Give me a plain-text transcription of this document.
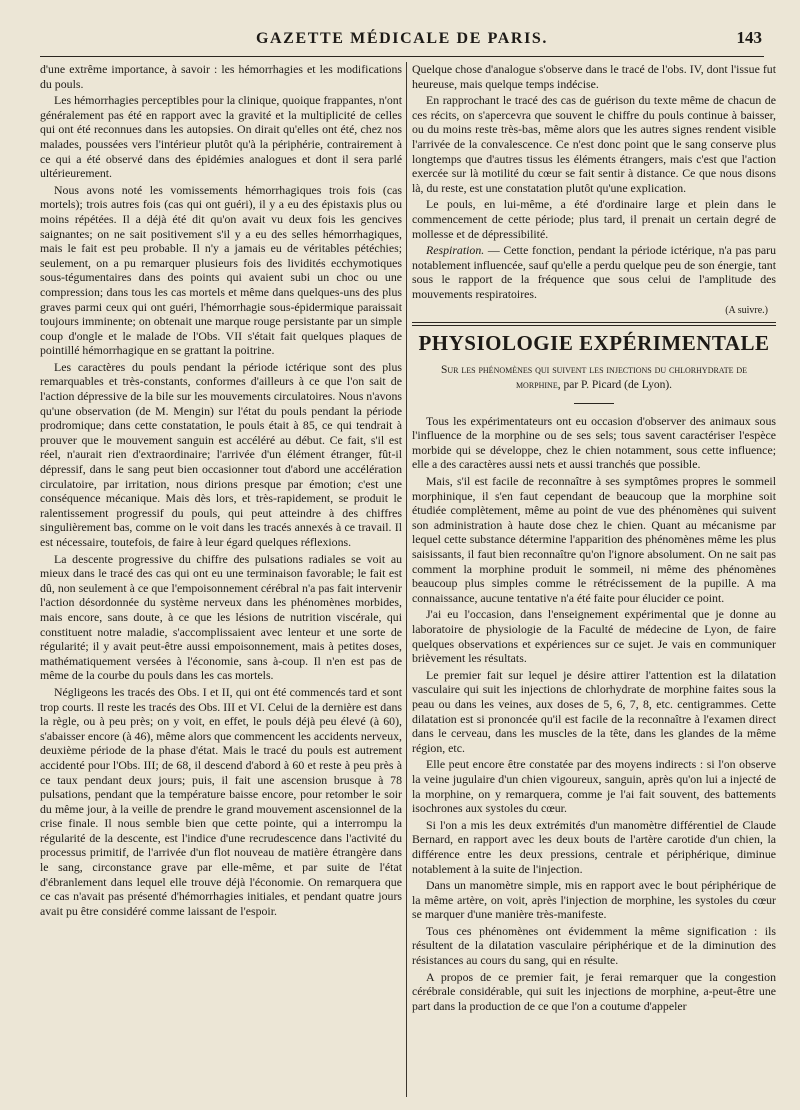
GAZETTE MÉDICALE DE PARIS.	143

d'une extrême importance, à savoir : les hémorrhagies et les modifications du pouls.

Les hémorrhagies perceptibles pour la clinique, quoique frappantes, n'ont généralement pas été en rapport avec la gravité et la multiplicité de celles qui ont été reconnues dans les autopsies. On dirait qu'elles ont été, chez nos malades, poussées vers l'intérieur plutôt qu'à la périphérie, contrairement à ce qui a été observé dans des épidémies analogues et dont il sera parlé ultérieurement.

Nous avons noté les vomissements hémorrhagiques trois fois (cas mortels); trois autres fois (cas qui ont guéri), il y a eu des épistaxis plus ou moins répétées. Il a déjà été dit qu'on avait vu deux fois les gencives saignantes; on ne sait positivement s'il y a eu des selles hémorrhagiques, mais le fait est peu probable. Il n'y a jamais eu de véritables pétéchies; seulement, on a pu remarquer plusieurs fois des lividités ecchymotiques sous-tégumentaires dans des points qui avaient subi un choc ou une compression; dans tous les cas mortels et même dans quelques-uns des plus graves parmi ceux qui ont guéri, l'hémorrhagie sous-épidermique paraissait toujours imminente; on obtenait une marque rouge persistante par un simple coup d'ongle et le malade de l'Obs. VII s'était fait quelques plaques de pointillé hémorrhagique en se grattant la poitrine.

Les caractères du pouls pendant la période ictérique sont des plus remarquables et très-constants, conformes d'ailleurs à ce que l'on sait de l'action dépressive de la bile sur les mouvements circulatoires. Nous n'avons qu'une observation (de M. Mengin) sur l'état du pouls pendant la période prodromique; dans cette constatation, le pouls était à 85, ce qui tendrait à prouver que le mouvement sanguin est accéléré au début. Ce fait, s'il est réel, n'aurait rien d'extraordinaire; l'arrivée d'un élément étranger, fût-il dépressif, dans le sang peut bien occasionner tout d'abord une accélération circulatoire, par irritation, nous dirions presque par émotion; c'est une conséquence mécanique. Mais dès lors, et très-rapidement, se produit le ralentissement progressif du pouls, qui peut atteindre à des chiffres singulièrement bas, comme on le voit dans les tracés annexés à ce travail. Il est nécessaire, toutefois, de faire à leur égard quelques réflexions.

La descente progressive du chiffre des pulsations radiales se voit au mieux dans le tracé des cas qui ont eu une terminaison favorable; le fait est dû, non seulement à ce que l'empoisonnement cérébral n'a pas fait intervenir l'action désordonnée du système nerveux dans les phénomènes morbides, mais encore, sans doute, à ce que les lésions de nutrition viscérale, qui constituent notre maladie, s'accomplissaient avec lenteur et une sorte de régularité; il y avait peut-être aussi empoisonnement, mais à petites doses, mathématiquement versées à l'économie, sans à-coup. Il n'en est pas de même de la courbe du pouls dans les cas mortels.

Négligeons les tracés des Obs. I et II, qui ont été commencés tard et sont trop courts. Il reste les tracés des Obs. III et VI. Celui de la dernière est dans la règle, ou à peu près; on y voit, en effet, le pouls déjà peu élevé (à 60), s'abaisser encore (à 46), même alors que commencent les accidents nerveux, deuxième période de la phase d'état. Mais le tracé du pouls est autrement accidenté pour l'Obs. III; de 68, il descend d'abord à 60 et reste à peu près à ce taux pendant deux jours; puis, il fait une ascension brusque à 78 pulsations, pendant que la température baisse encore, pour retomber le soir du même jour, à la veille de prendre le grand mouvement ascensionnel de la crise finale. Il nous semble bien que cette pointe, qui a interrompu la régularité de la descente, est l'indice d'une recrudescence dans l'activité du processus primitif, de l'arrivée d'un flot nouveau de matière étrangère dans le sang, circonstance grave par elle-même, et par suite de l'état d'ébranlement dans lequel elle trouve déjà l'économie. On remarquera que ce cas n'avait pas présenté d'hémorrhagies initiales, et pendant quatre jours avait pu être considéré comme laissant de l'espoir.

Quelque chose d'analogue s'observe dans le tracé de l'obs. IV, dont l'issue fut heureuse, mais quelque temps indécise.

En rapprochant le tracé des cas de guérison du texte même de chacun de ces récits, on s'apercevra que souvent le chiffre du pouls continue à baisser, ou du moins reste très-bas, même alors que les autres signes rendent visible l'arrivée de la convalescence. Ce n'est donc point que le sang conserve plus longtemps que d'autres tissus les éléments étrangers, mais c'est que l'action exercée sur là motilité du cœur se fait sentir à distance. Ce que nous disons là, du reste, est une constatation plutôt qu'une explication.

Le pouls, en lui-même, a été d'ordinaire large et plein dans le commencement de cette période; plus tard, il prenait un certain degré de mollesse et de dépressibilité.

Respiration. — Cette fonction, pendant la période ictérique, n'a pas paru notablement influencée, sauf qu'elle a perdu quelque peu de son énergie, tant sous le rapport de la fréquence que sous celui de l'amplitude des mouvements respiratoires.

(A suivre.)

PHYSIOLOGIE EXPÉRIMENTALE
Sur les phénomènes qui suivent les injections du chlorhydrate de morphine, par P. Picard (de Lyon).

Tous les expérimentateurs ont eu occasion d'observer des animaux sous l'influence de la morphine ou de ses sels; tous savent caractériser l'espèce morbide qui se développe, chez le chien notamment, sous cette influence; elle a des caractères aussi nets et aussi tranchés que possible.

Mais, s'il est facile de reconnaître à ses symptômes propres le sommeil morphinique, il s'en faut cependant de beaucoup que la morphine soit étudiée complètement, même au point de vue des phénomènes qui suivent son administration à haute dose chez le chien. Quant au mécanisme par lequel cette substance détermine l'apparition des phénomènes même les plus saisissants, il faut bien reconnaître qu'on l'ignore absolument. On ne sait pas comment la morphine produit le sommeil, ni même des phénomènes beaucoup plus simples comme le rétrécissement de la pupille. A ma connaissance, aucune tentative n'a été faite pour élucider ce point.

J'ai eu l'occasion, dans l'enseignement expérimental que je donne au laboratoire de physiologie de la Faculté de médecine de Lyon, de faire quelques observations et expériences sur ce sujet. Je vais en communiquer brièvement les résultats.

Le premier fait sur lequel je désire attirer l'attention est la dilatation vasculaire qui suit les injections de chlorhydrate de morphine faites sous la peau ou dans les veines, aux doses de 5, 6, 7, 8, etc. centigrammes. Cette dilatation est si prononcée qu'il est facile de la reconnaître à l'examen direct dans le cerveau, dans les muscles de la tête, dans les glandes de la même région, etc.

Elle peut encore être constatée par des moyens indirects : si l'on observe la veine jugulaire d'un chien vigoureux, sanguin, après qu'on lui a injecté de la morphine, on y remarquera, comme je l'ai fait souvent, des battements isochrones aux systoles du cœur.

Si l'on a mis les deux extrémités d'un manomètre différentiel de Claude Bernard, en rapport avec les deux bouts de l'artère carotide d'un chien, la différence entre les deux pressions, centrale et périphérique, diminue notablement à la suite de l'injection.

Dans un manomètre simple, mis en rapport avec le bout périphérique de la même artère, on voit, après l'injection de morphine, les systoles du cœur se marquer d'une manière très-manifeste.

Tous ces phénomènes ont évidemment la même signification : ils résultent de la dilatation vasculaire périphérique et de la diminution des résistances au cours du sang, qui en résulte.

A propos de ce premier fait, je ferai remarquer que la congestion cérébrale considérable, qui suit les injections de morphine, a-peut-être une part dans la production de ce que l'on a coutume d'appeler
